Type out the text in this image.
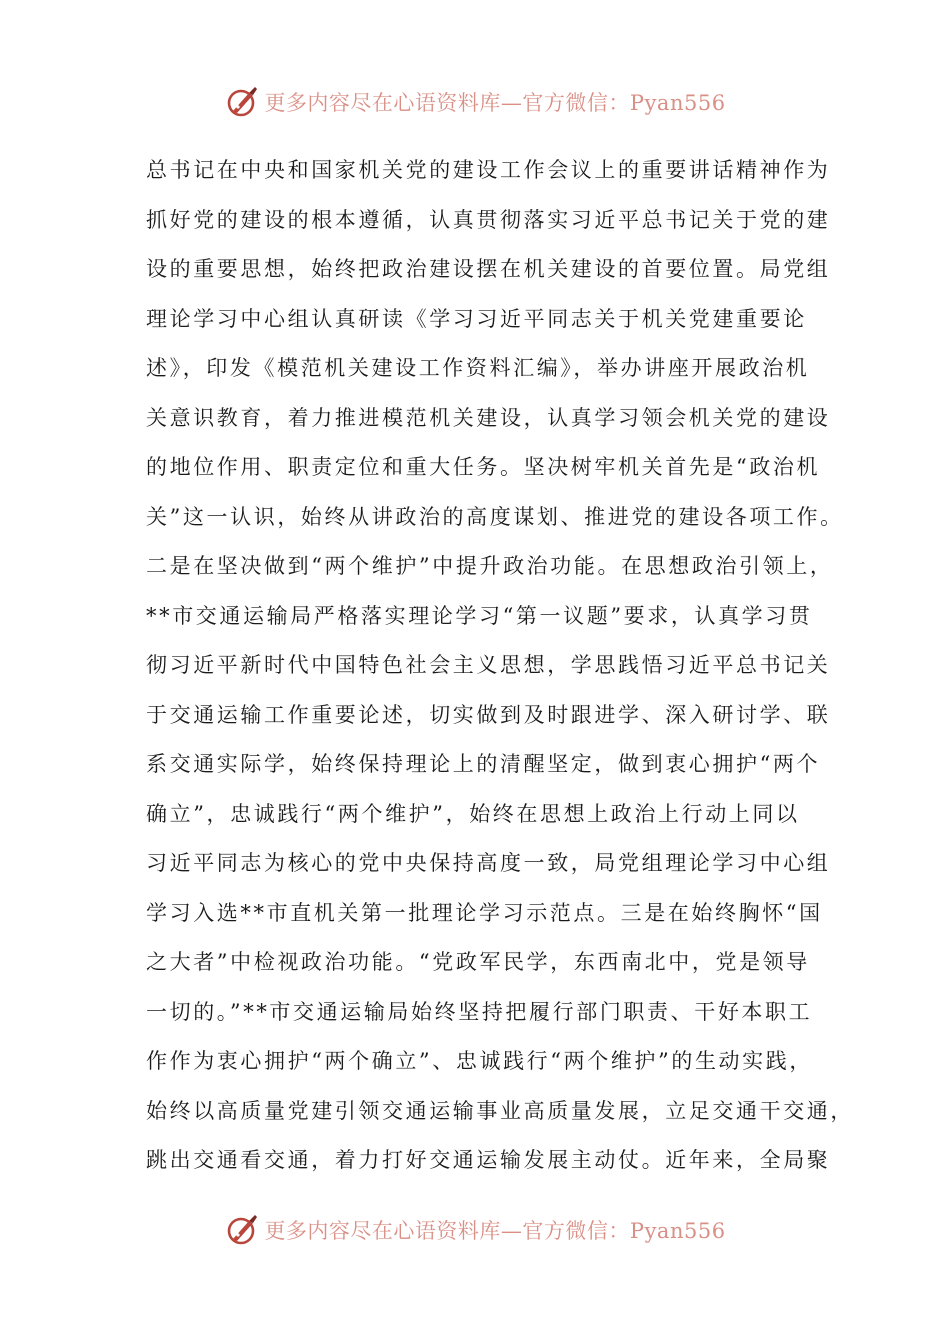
更多内容尽在心语资料库—官方微信：Pyan556
总书记在中央和国家机关党的建设工作会议上的重要讲话精神作为
抓好党的建设的根本遵循，认真贯彻落实习近平总书记关于党的建
设的重要思想，始终把政治建设摆在机关建设的首要位置。局党组
理论学习中心组认真研读《学习习近平同志关于机关党建重要论
述》，印发《模范机关建设工作资料汇编》，举办讲座开展政治机
关意识教育，着力推进模范机关建设，认真学习领会机关党的建设
的地位作用、职责定位和重大任务。坚决树牢机关首先是“政治机
关”这一认识，始终从讲政治的高度谋划、推进党的建设各项工作。
二是在坚决做到“两个维护”中提升政治功能。在思想政治引领上，
**市交通运输局严格落实理论学习“第一议题”要求，认真学习贯
彻习近平新时代中国特色社会主义思想，学思践悟习近平总书记关
于交通运输工作重要论述，切实做到及时跟进学、深入研讨学、联
系交通实际学，始终保持理论上的清醒坚定，做到衷心拥护“两个
确立”，忠诚践行“两个维护”，始终在思想上政治上行动上同以
习近平同志为核心的党中央保持高度一致，局党组理论学习中心组
学习入选**市直机关第一批理论学习示范点。三是在始终胸怀“国
之大者”中检视政治功能。“党政军民学，东西南北中，党是领导
一切的。”**市交通运输局始终坚持把履行部门职责、干好本职工
作作为衷心拥护“两个确立”、忠诚践行“两个维护”的生动实践，
始终以高质量党建引领交通运输事业高质量发展，立足交通干交通，
跳出交通看交通，着力打好交通运输发展主动仗。近年来，全局聚
更多内容尽在心语资料库—官方微信：Pyan556
